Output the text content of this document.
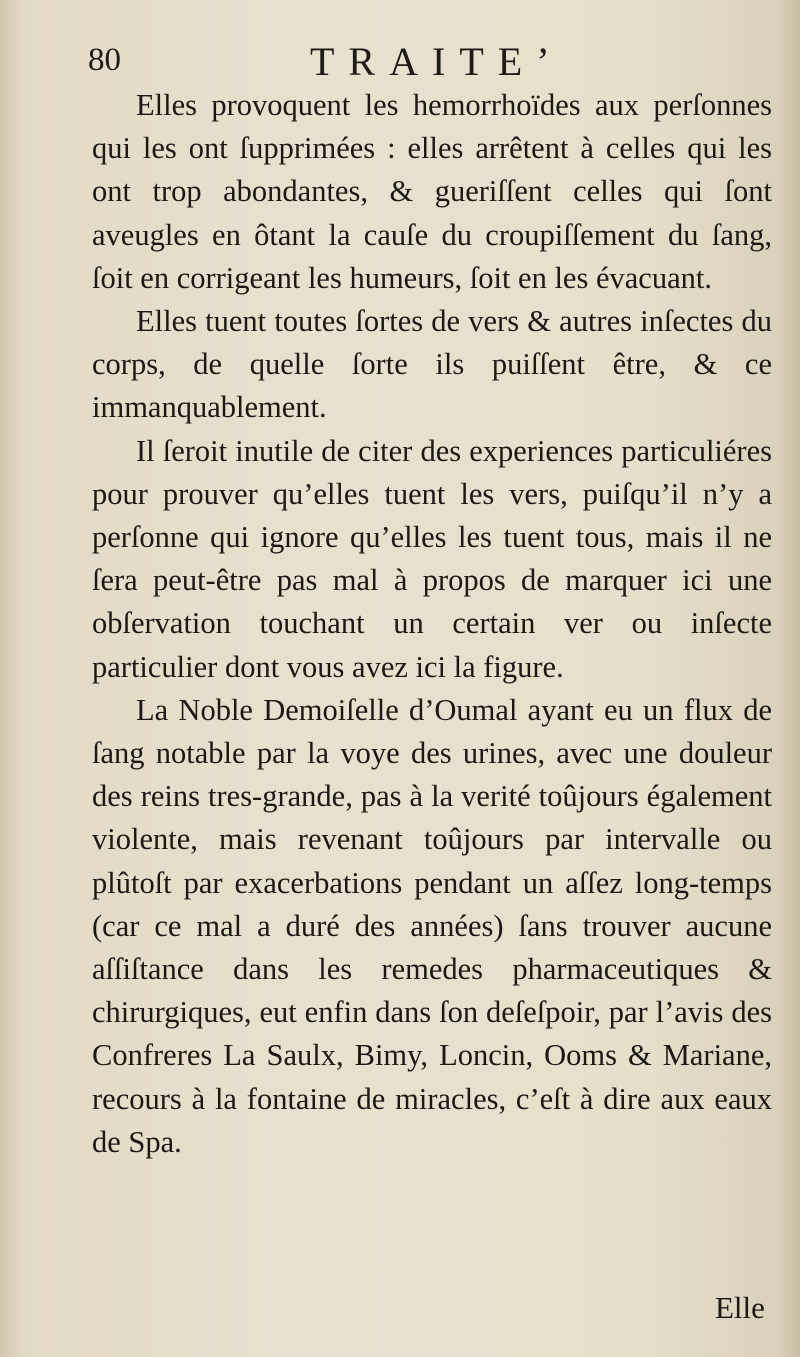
80	TRAITE’

Elles provoquent les hemorrhoïdes aux perſonnes qui les ont ſupprimées : elles arrêtent à celles qui les ont trop abondantes, & gueriſſent celles qui ſont aveugles en ôtant la cauſe du croupiſſement du ſang, ſoit en corrigeant les humeurs, ſoit en les évacuant.

Elles tuent toutes ſortes de vers & autres inſectes du corps, de quelle ſorte ils puiſſent être, & ce immanquablement.

Il ſeroit inutile de citer des experiences particuliéres pour prouver qu’elles tuent les vers, puiſqu’il n’y a perſonne qui ignore qu’elles les tuent tous, mais il ne ſera peut-être pas mal à propos de marquer ici une obſervation touchant un certain ver ou inſecte particulier dont vous avez ici la figure.

La Noble Demoiſelle d’Oumal ayant eu un flux de ſang notable par la voye des urines, avec une douleur des reins tres-grande, pas à la verité toûjours également violente, mais revenant toûjours par intervalle ou plûtoſt par exacerbations pendant un aſſez long-temps (car ce mal a duré des années) ſans trouver aucune aſſiſtance dans les remedes pharmaceutiques & chirurgiques, eut enfin dans ſon deſeſpoir, par l’avis des Confreres La Saulx, Bimy, Loncin, Ooms & Mariane, recours à la fontaine de miracles, c’eſt à dire aux eaux de Spa.

Elle
